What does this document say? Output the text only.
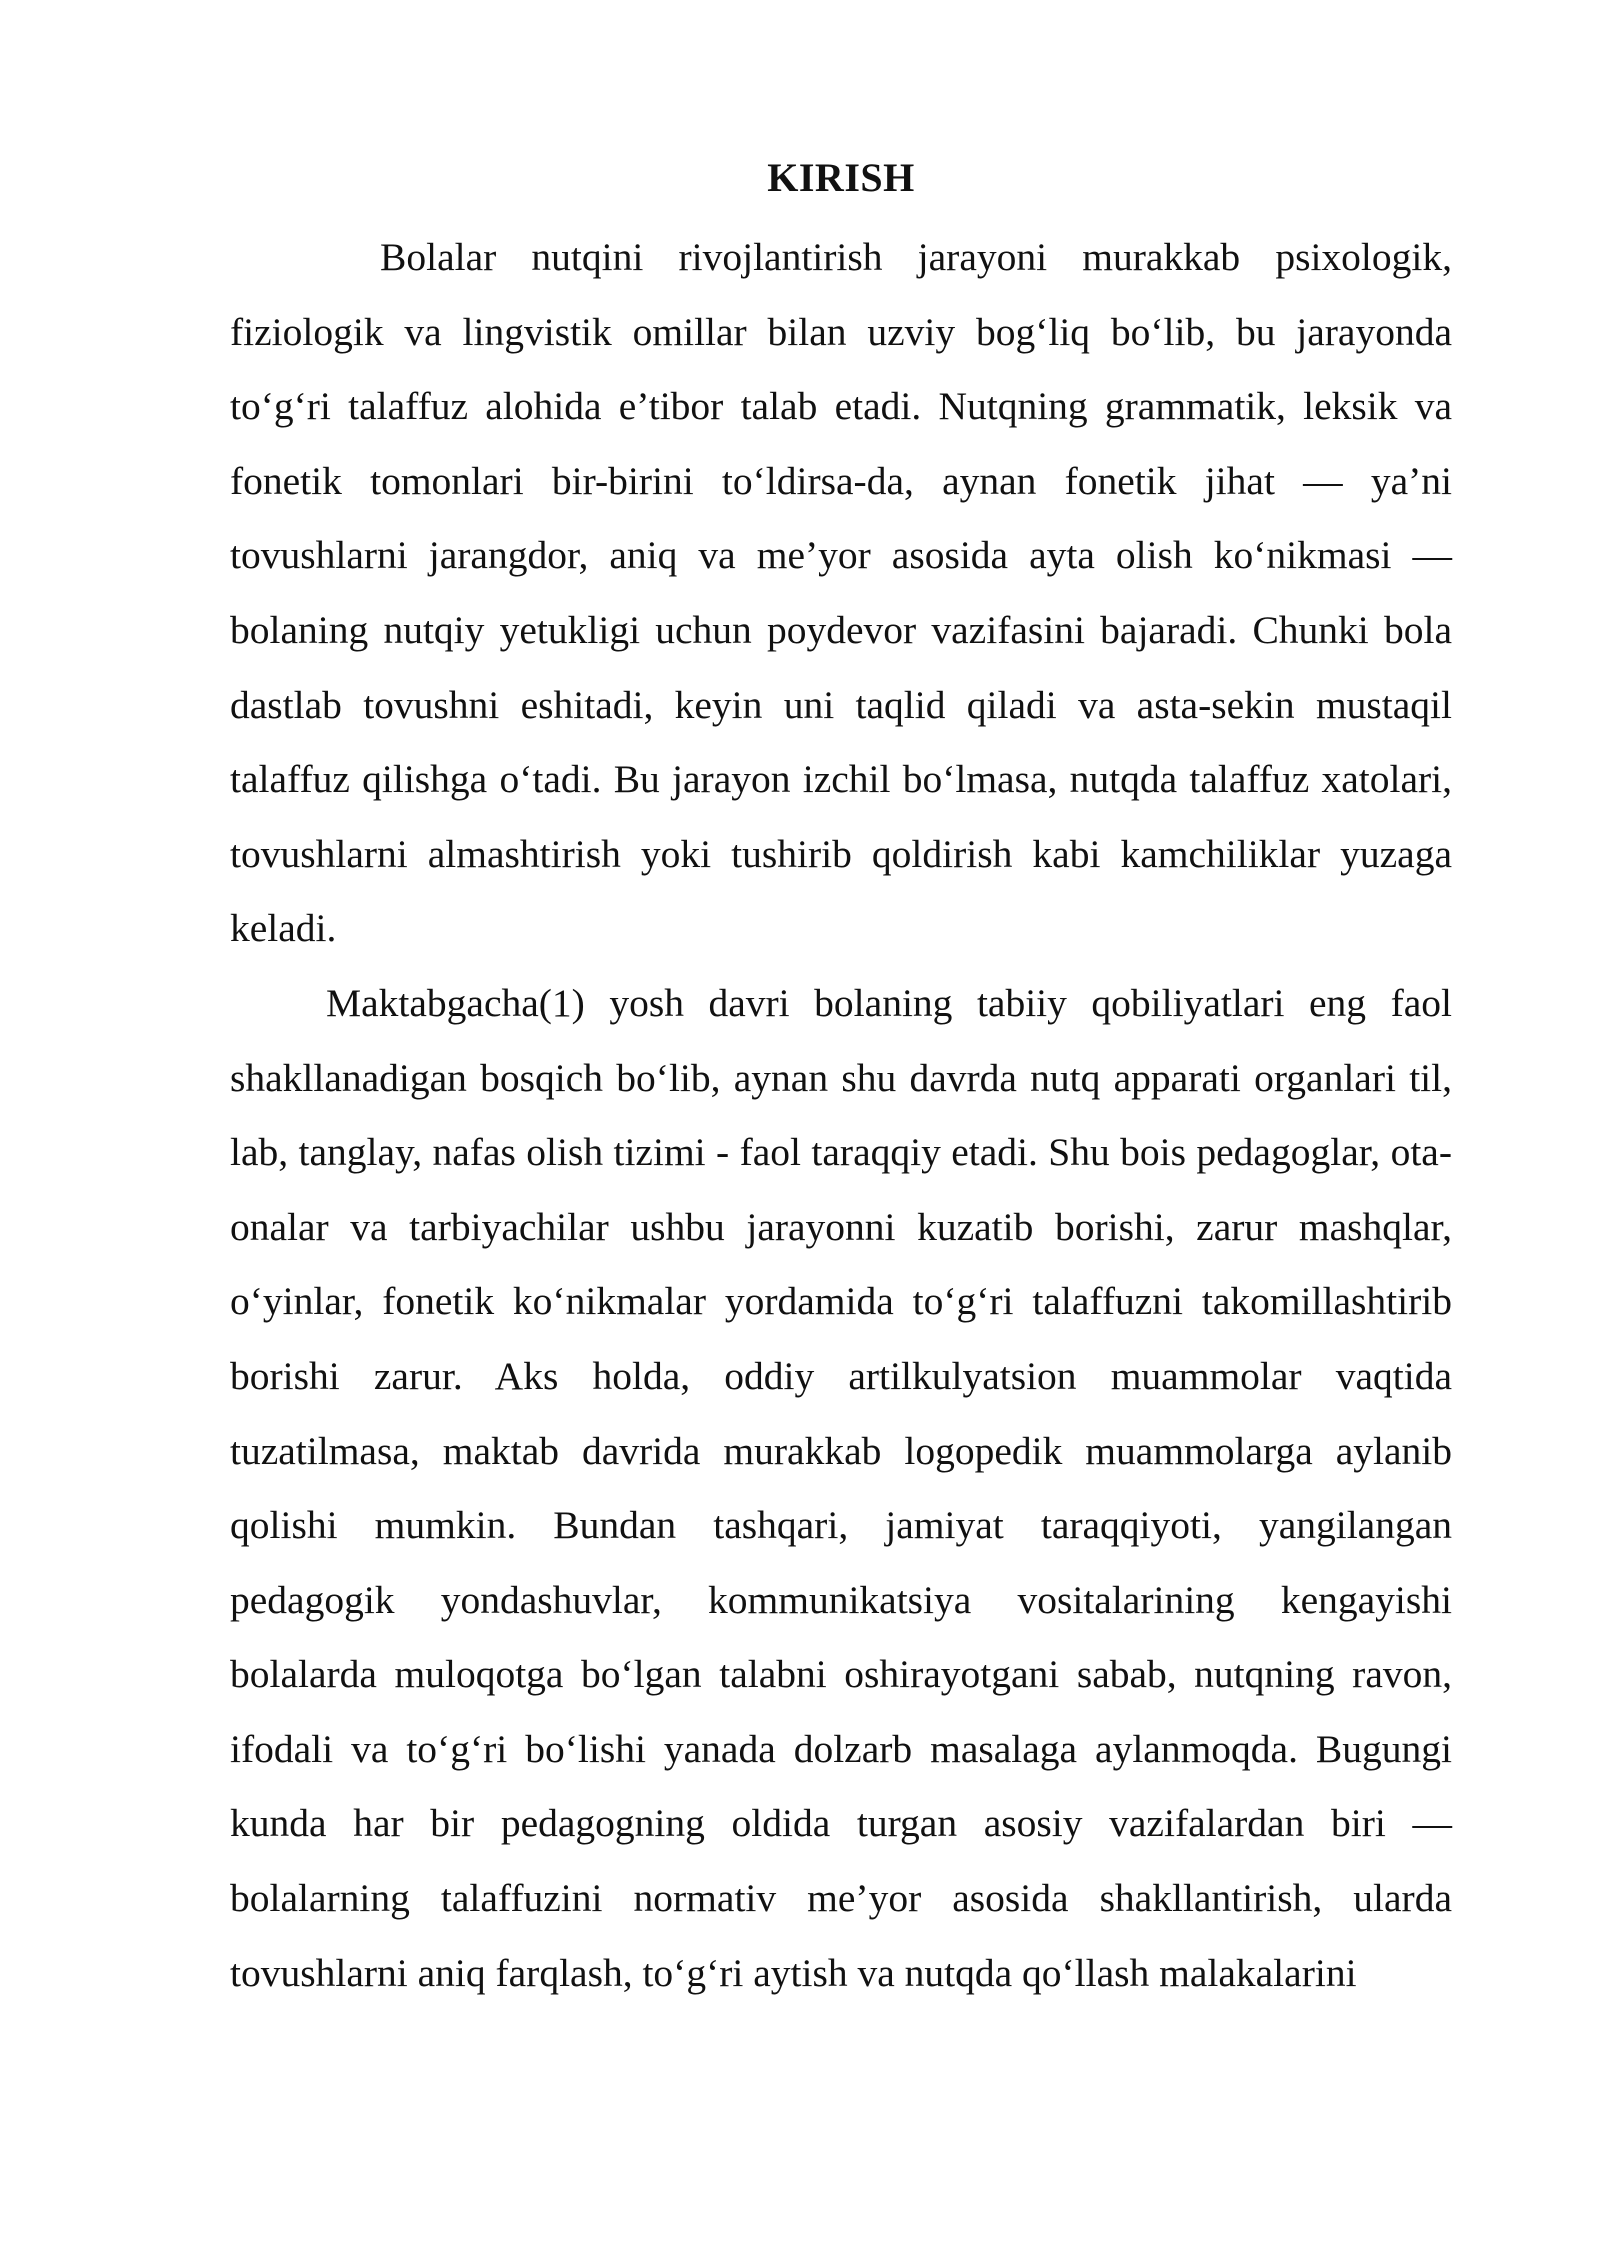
KIRISH

Bolalar nutqini rivojlantirish jarayoni murakkab psixologik, fiziologik va lingvistik omillar bilan uzviy bog‘liq bo‘lib, bu jarayonda to‘g‘ri talaffuz alohida e’tibor talab etadi. Nutqning grammatik, leksik va fonetik tomonlari bir-birini to‘ldirsa-da, aynan fonetik jihat — ya’ni tovushlarni jarangdor, aniq va me’yor asosida ayta olish ko‘nikmasi — bolaning nutqiy yetukligi uchun poydevor vazifasini bajaradi. Chunki bola dastlab tovushni eshitadi, keyin uni taqlid qiladi va asta-sekin mustaqil talaffuz qilishga o‘tadi. Bu jarayon izchil bo‘lmasa, nutqda talaffuz xatolari, tovushlarni almashtirish yoki tushirib qoldirish kabi kamchiliklar yuzaga keladi.

Maktabgacha(1) yosh davri bolaning tabiiy qobiliyatlari eng faol shakllanadigan bosqich bo‘lib, aynan shu davrda nutq apparati organlari til, lab, tanglay, nafas olish tizimi - faol taraqqiy etadi. Shu bois pedagoglar, ota-onalar va tarbiyachilar ushbu jarayonni kuzatib borishi, zarur mashqlar, o‘yinlar, fonetik ko‘nikmalar yordamida to‘g‘ri talaffuzni takomillashtirib borishi zarur. Aks holda, oddiy artilkulyatsion muammolar vaqtida tuzatilmasa, maktab davrida murakkab logopedik muammolarga aylanib qolishi mumkin. Bundan tashqari, jamiyat taraqqiyoti, yangilangan pedagogik yondashuvlar, kommunikatsiya vositalarining kengayishi bolalarda muloqotga bo‘lgan talabni oshirayotgani sabab, nutqning ravon, ifodali va to‘g‘ri bo‘lishi yanada dolzarb masalaga aylanmoqda. Bugungi kunda har bir pedagogning oldida turgan asosiy vazifalardan biri — bolalarning talaffuzini normativ me’yor asosida shakllantirish, ularda tovushlarni aniq farqlash, to‘g‘ri aytish va nutqda qo‘llash malakalarini
